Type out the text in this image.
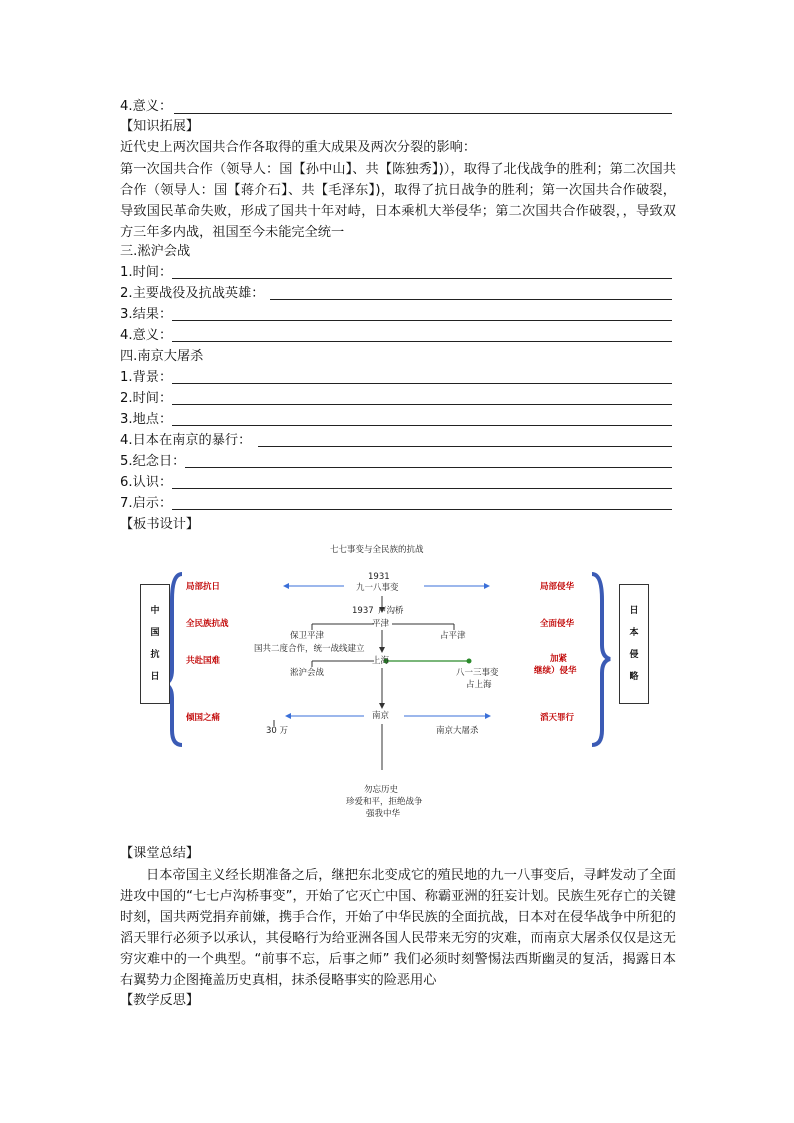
4.意义：
【知识拓展】
近代史上两次国共合作各取得的重大成果及两次分裂的影响：

第一次国共合作（领导人：国【孙中山】、共【陈独秀】)），取得了北伐战争的胜利；第二次国共合作（领导人：国【蒋介石】、共【毛泽东】)，取得了抗日战争的胜利；第一次国共合作破裂，导致国民革命失败，形成了国共十年对峙，日本乘机大举侵华；第二次国共合作破裂，，导致双方三年多内战，祖国至今未能完全统一

三.淞沪会战
1.时间：
2.主要战役及抗战英雄：
3.结果：
4.意义：
四.南京大屠杀
1.背景：
2.时间：
3.地点：
4.日本在南京的暴行：
5.纪念日：
6.认识：
7.启示：
【板书设计】
七七事变与全民族的抗战
中
国
抗
日
日
本
侵
略
局部抗日
全民族抗战
共赴国难
倾国之痛
局部侵华
全面侵华
加紧
继续）侵华
滔天罪行
1931
九一八事变
1937 卢沟桥
平津
保卫平津	占平津
国共二度合作，统一战线建立
上海
淞沪会战	八一三事变
占上海
南京
30 万	南京大屠杀
勿忘历史
珍爱和平，拒绝战争
强我中华
【课堂总结】

日本帝国主义经长期准备之后，继把东北变成它的殖民地的九一八事变后，寻衅发动了全面进攻中国的“七七卢沟桥事变”，开始了它灭亡中国、称霸亚洲的狂妄计划。民族生死存亡的关键时刻，国共两党捐弃前嫌，携手合作，开始了中华民族的全面抗战，日本对在侵华战争中所犯的滔天罪行必须予以承认，其侵略行为给亚洲各国人民带来无穷的灾难，而南京大屠杀仅仅是这无穷灾难中的一个典型。“前事不忘，后事之师” 我们必须时刻警惕法西斯幽灵的复活，揭露日本右翼势力企图掩盖历史真相，抹杀侵略事实的险恶用心

【教学反思】
